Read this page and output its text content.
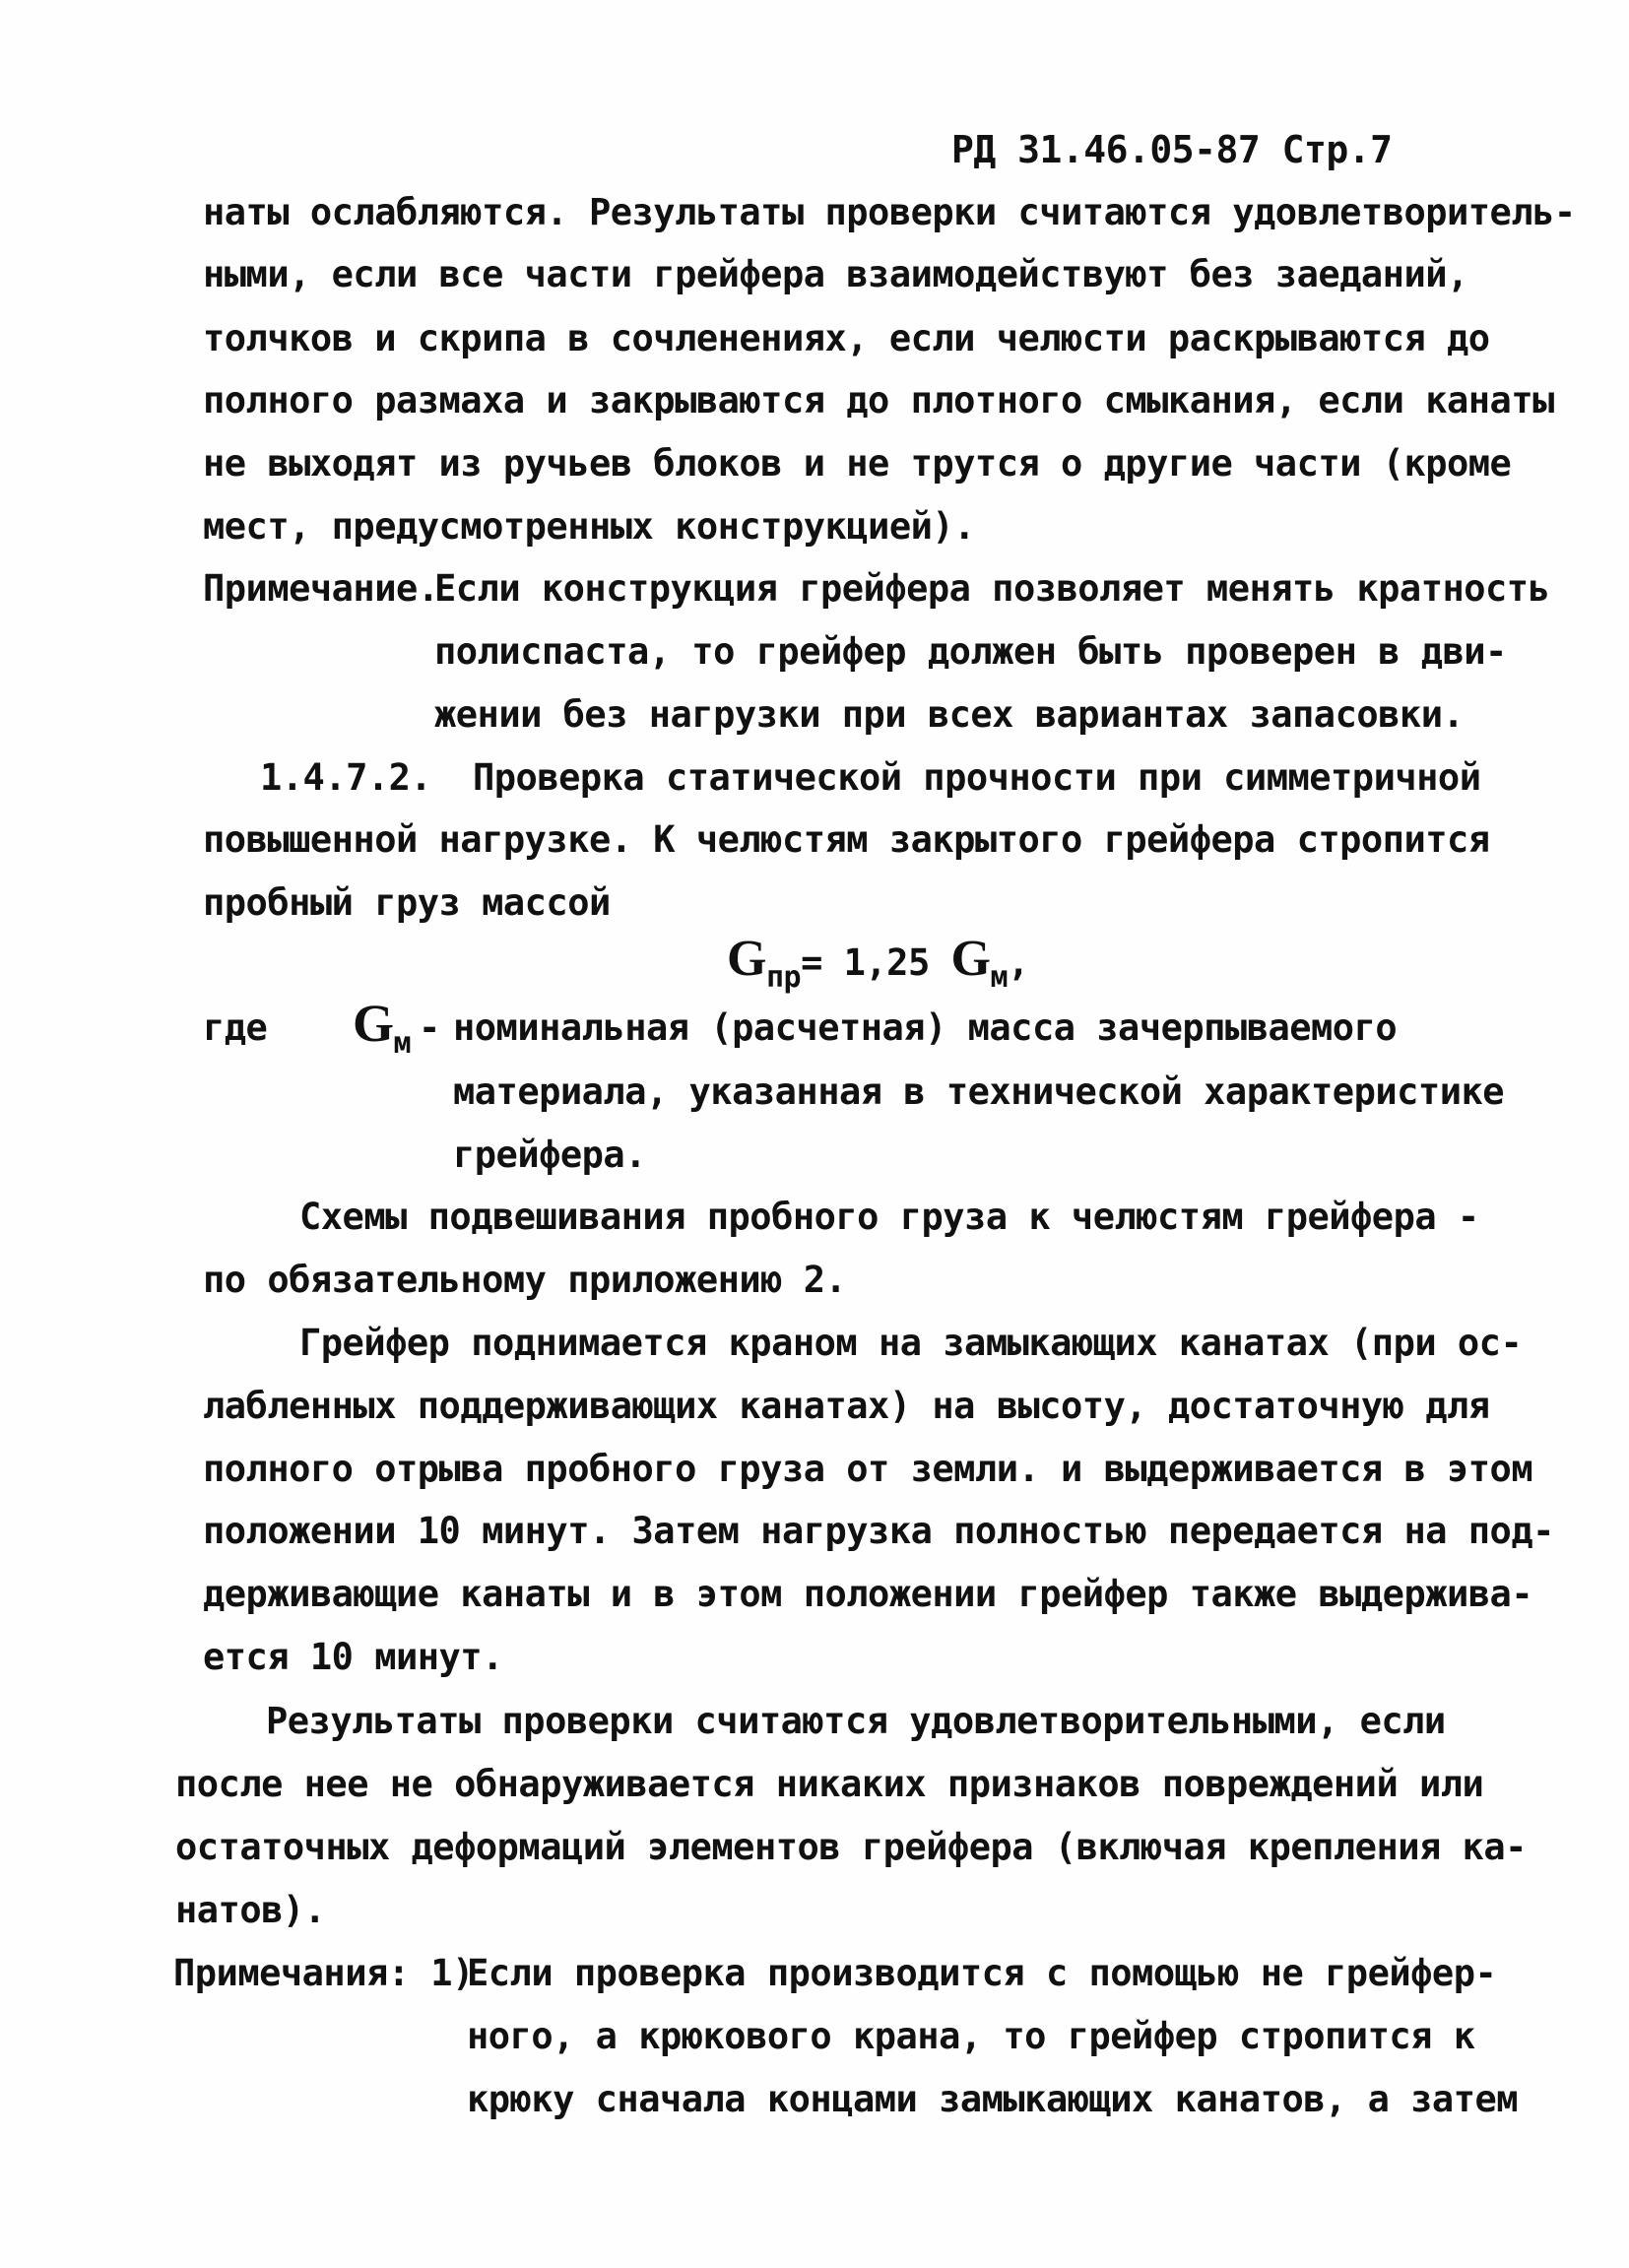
РД 31.46.05-87 Стр.7
наты ослабляются. Результаты проверки считаются удовлетворитель-
ными, если все части грейфера взаимодействуют без заеданий,
толчков и скрипа в сочленениях, если челюсти раскрываются до
полного размаха и закрываются до плотного смыкания, если канаты
не выходят из ручьев блоков и не трутся о другие части (кроме
мест, предусмотренных конструкцией).
Примечание.
Если конструкция грейфера позволяет менять кратность
полиспаста, то грейфер должен быть проверен в дви-
жении без нагрузки при всех вариантах запасовки.
1.4.7.2. Проверка статической прочности при симметричной
повышенной нагрузке. К челюстям закрытого грейфера стропится
пробный груз массой
$G_{пр}= 1,25$ $G_м$,
где $G_м$ - номинальная (расчетная) масса зачерпываемого
материала, указанная в технической характеристике
грейфера.
Схемы подвешивания пробного груза к челюстям грейфера -
по обязательному приложению 2.
Грейфер поднимается краном на замыкающих канатах (при ос-
лабленных поддерживающих канатах) на высоту, достаточную для
полного отрыва пробного груза от земли. и выдерживается в этом
положении 10 минут. Затем нагрузка полностью передается на под-
держивающие канаты и в этом положении грейфер также выдержива-
ется 10 минут.
Результаты проверки считаются удовлетворительными, если
после нее не обнаруживается никаких признаков повреждений или
остаточных деформаций элементов грейфера (включая крепления ка-
натов).
Примечания: 1)
Если проверка производится с помощью не грейфер-
ного, а крюкового крана, то грейфер стропится к
крюку сначала концами замыкающих канатов, а затем
